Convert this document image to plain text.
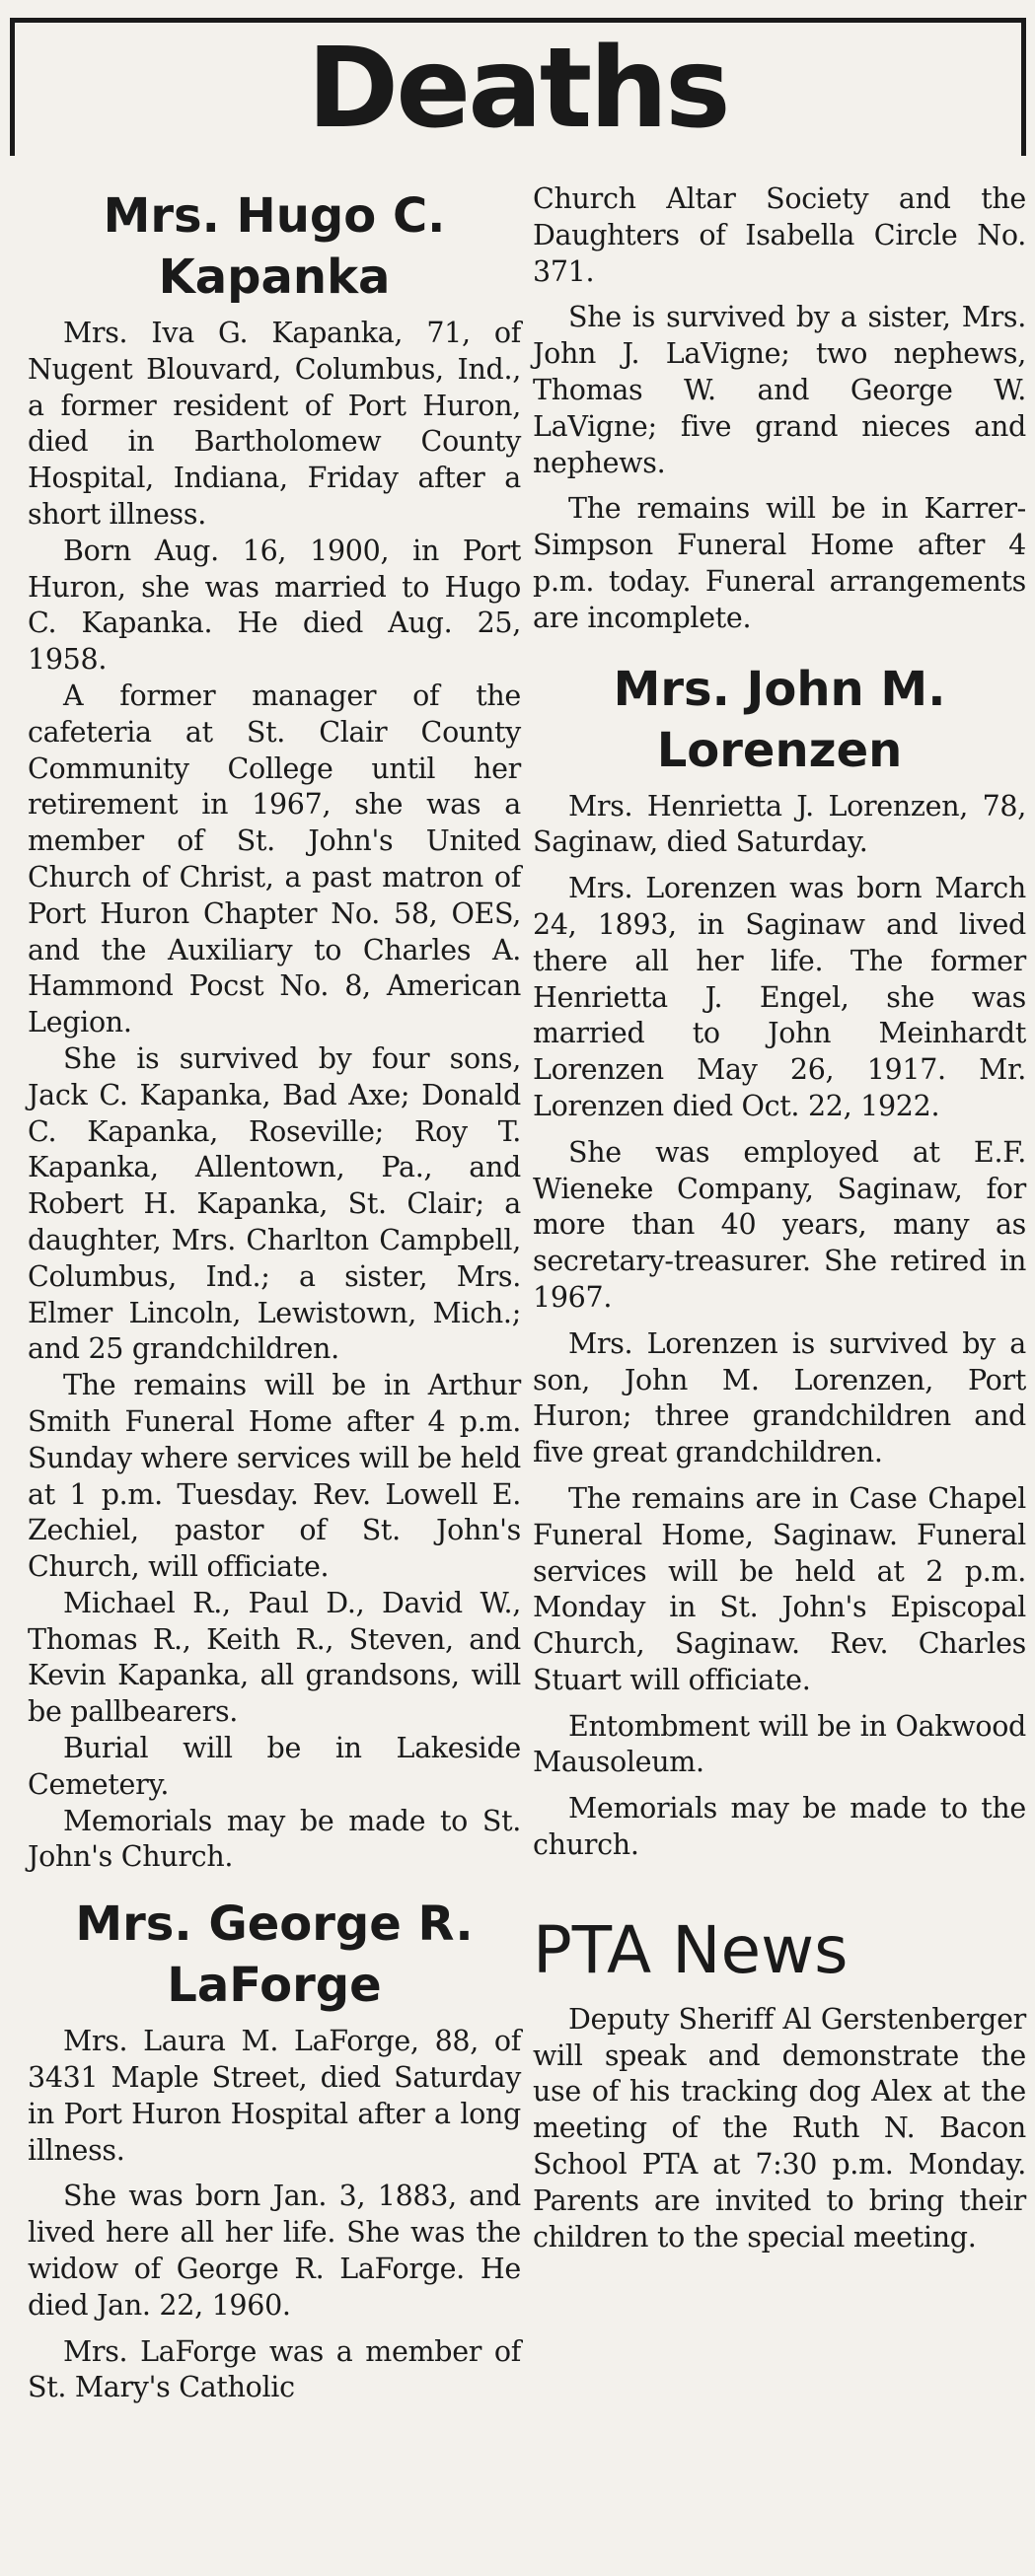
Deaths
Mrs. Hugo C.
Kapanka

Mrs. Iva G. Kapanka, 71, of Nugent Blouvard, Columbus, Ind., a former resident of Port Huron, died in Bartholomew County Hospital, Indiana, Friday after a short illness.

Born Aug. 16, 1900, in Port Huron, she was married to Hugo C. Kapanka. He died Aug. 25, 1958.

A former manager of the cafeteria at St. Clair County Community College until her retirement in 1967, she was a member of St. John's United Church of Christ, a past matron of Port Huron Chapter No. 58, OES, and the Auxiliary to Charles A. Hammond Pocst No. 8, American Legion.

She is survived by four sons, Jack C. Kapanka, Bad Axe; Donald C. Kapanka, Roseville; Roy T. Kapanka, Allentown, Pa., and Robert H. Kapanka, St. Clair; a daughter, Mrs. Charlton Campbell, Columbus, Ind.; a sister, Mrs. Elmer Lincoln, Lewistown, Mich.; and 25 grandchildren.

The remains will be in Arthur Smith Funeral Home after 4 p.m. Sunday where services will be held at 1 p.m. Tuesday. Rev. Lowell E. Zechiel, pastor of St. John's Church, will officiate.

Michael R., Paul D., David W., Thomas R., Keith R., Steven, and Kevin Kapanka, all grandsons, will be pallbearers.

Burial will be in Lakeside Cemetery.

Memorials may be made to St. John's Church.

Mrs. George R.
LaForge

Mrs. Laura M. LaForge, 88, of 3431 Maple Street, died Saturday in Port Huron Hospital after a long illness.

She was born Jan. 3, 1883, and lived here all her life. She was the widow of George R. LaForge. He died Jan. 22, 1960.

Mrs. LaForge was a member of St. Mary's Catholic

Church Altar Society and the Daughters of Isabella Circle No. 371.

She is survived by a sister, Mrs. John J. LaVigne; two nephews, Thomas W. and George W. LaVigne; five grand nieces and nephews.

The remains will be in Karrer-Simpson Funeral Home after 4 p.m. today. Funeral arrangements are incomplete.

Mrs. John M.
Lorenzen

Mrs. Henrietta J. Lorenzen, 78, Saginaw, died Saturday.

Mrs. Lorenzen was born March 24, 1893, in Saginaw and lived there all her life. The former Henrietta J. Engel, she was married to John Meinhardt Lorenzen May 26, 1917. Mr. Lorenzen died Oct. 22, 1922.

She was employed at E.F. Wieneke Company, Saginaw, for more than 40 years, many as secretary-treasurer. She retired in 1967.

Mrs. Lorenzen is survived by a son, John M. Lorenzen, Port Huron; three grandchildren and five great grandchildren.

The remains are in Case Chapel Funeral Home, Saginaw. Funeral services will be held at 2 p.m. Monday in St. John's Episcopal Church, Saginaw. Rev. Charles Stuart will officiate.

Entombment will be in Oakwood Mausoleum.

Memorials may be made to the church.

PTA News

Deputy Sheriff Al Gerstenberger will speak and demonstrate the use of his tracking dog Alex at the meeting of the Ruth N. Bacon School PTA at 7:30 p.m. Monday. Parents are invited to bring their children to the special meeting.
